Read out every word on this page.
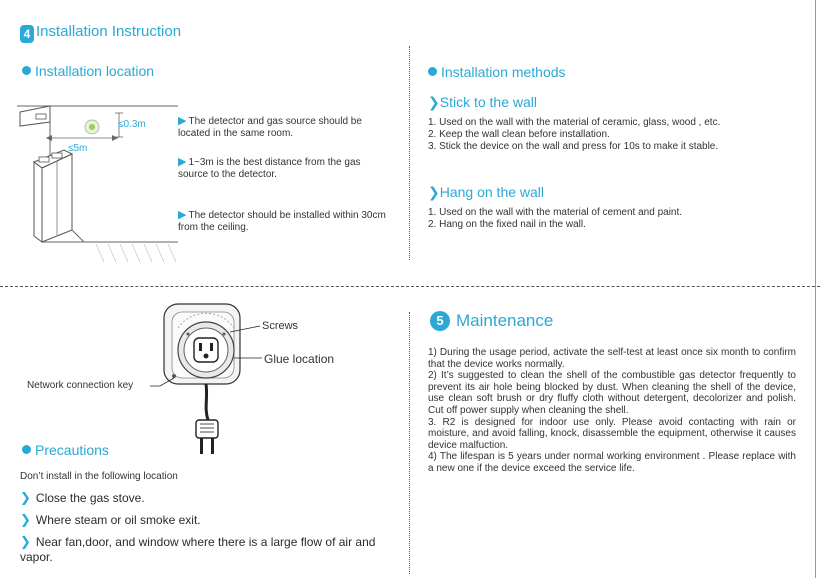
4 Installation Instruction
Installation location
≤0.3m
≤5m
▶ The detector and gas source should be located in the same room.
▶ 1~3m is the best distance from the gas source to the detector.
▶ The detector should be installed within 30cm from the ceiling.
Installation methods
❯Stick to the wall
1. Used on the wall with the material of ceramic, glass, wood , etc.
2. Keep the wall clean before installation.
3. Stick the device on the wall and press for 10s to make it stable.
❯Hang on the wall
1. Used on the wall with the material of cement and paint.
2. Hang on the fixed nail in the wall.
Screws
Glue location
Network connection key
Precautions
Don’t install in the following location
❯ Close the gas stove.
❯ Where steam or oil smoke exit.
❯ Near fan,door, and window where there is a large flow of air and vapor.
5 Maintenance
1) During the usage period, activate the self-test at least once six month to confirm that the device works normally.
2) It’s suggested to clean the shell of the combustible gas detector frequently to prevent its air hole being blocked by dust. When cleaning the shell of the device, use clean soft brush or dry fluffy cloth without detergent, decolorizer and polish. Cut off power supply when cleaning the shell.
3. R2 is designed for indoor use only. Please avoid contacting with rain or moisture, and avoid falling, knock, disassemble the equipment, otherwise it causes device malfuction.
4) The lifespan is 5 years under normal working environment . Please replace with a new one if the device exceed the service life.
